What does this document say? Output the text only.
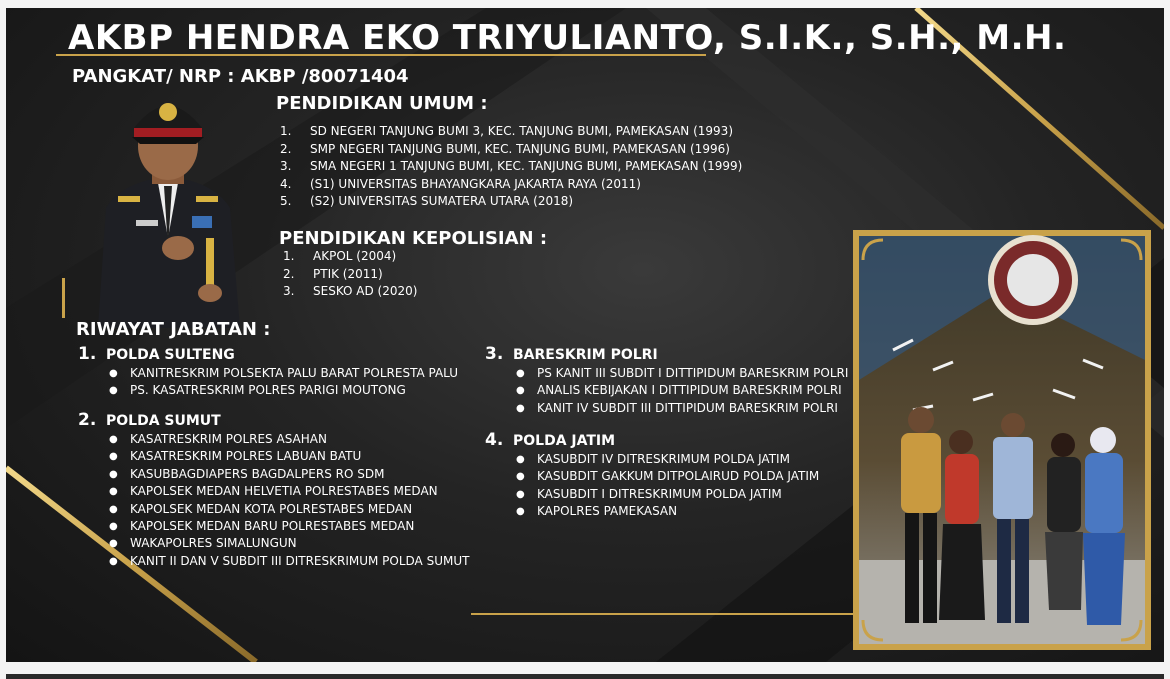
AKBP HENDRA EKO TRIYULIANTO, S.I.K., S.H., M.H.
PANGKAT/ NRP : AKBP /80071404
PENDIDIKAN UMUM :
1. SD NEGERI TANJUNG BUMI 3, KEC. TANJUNG BUMI, PAMEKASAN (1993)
2. SMP NEGERI TANJUNG BUMI, KEC. TANJUNG BUMI, PAMEKASAN (1996)
3. SMA NEGERI 1 TANJUNG BUMI, KEC. TANJUNG BUMI, PAMEKASAN (1999)
4. (S1) UNIVERSITAS BHAYANGKARA JAKARTA RAYA (2011)
5. (S2) UNIVERSITAS SUMATERA UTARA (2018)
PENDIDIKAN KEPOLISIAN :
1. AKPOL (2004)
2. PTIK (2011)
3. SESKO AD (2020)
RIWAYAT JABATAN :
1. POLDA SULTENG
● KANITRESKRIM POLSEKTA PALU BARAT POLRESTA PALU
● PS. KASATRESKRIM POLRES PARIGI MOUTONG
2. POLDA SUMUT
● KASATRESKRIM POLRES ASAHAN
● KASATRESKRIM POLRES LABUAN BATU
● KASUBBAGDIAPERS BAGDALPERS RO SDM
● KAPOLSEK MEDAN HELVETIA POLRESTABES MEDAN
● KAPOLSEK MEDAN KOTA POLRESTABES MEDAN
● KAPOLSEK MEDAN BARU POLRESTABES MEDAN
● WAKAPOLRES SIMALUNGUN
● KANIT II DAN V SUBDIT III DITRESKRIMUM POLDA SUMUT
3. BARESKRIM POLRI
● PS KANIT III SUBDIT I DITTIPIDUM BARESKRIM POLRI
● ANALIS KEBIJAKAN I DITTIPIDUM BARESKRIM POLRI
● KANIT IV SUBDIT III DITTIPIDUM BARESKRIM POLRI
4. POLDA JATIM
● KASUBDIT IV DITRESKRIMUM POLDA JATIM
● KASUBDIT GAKKUM DITPOLAIRUD POLDA JATIM
● KASUBDIT I DITRESKRIMUM POLDA JATIM
● KAPOLRES PAMEKASAN
